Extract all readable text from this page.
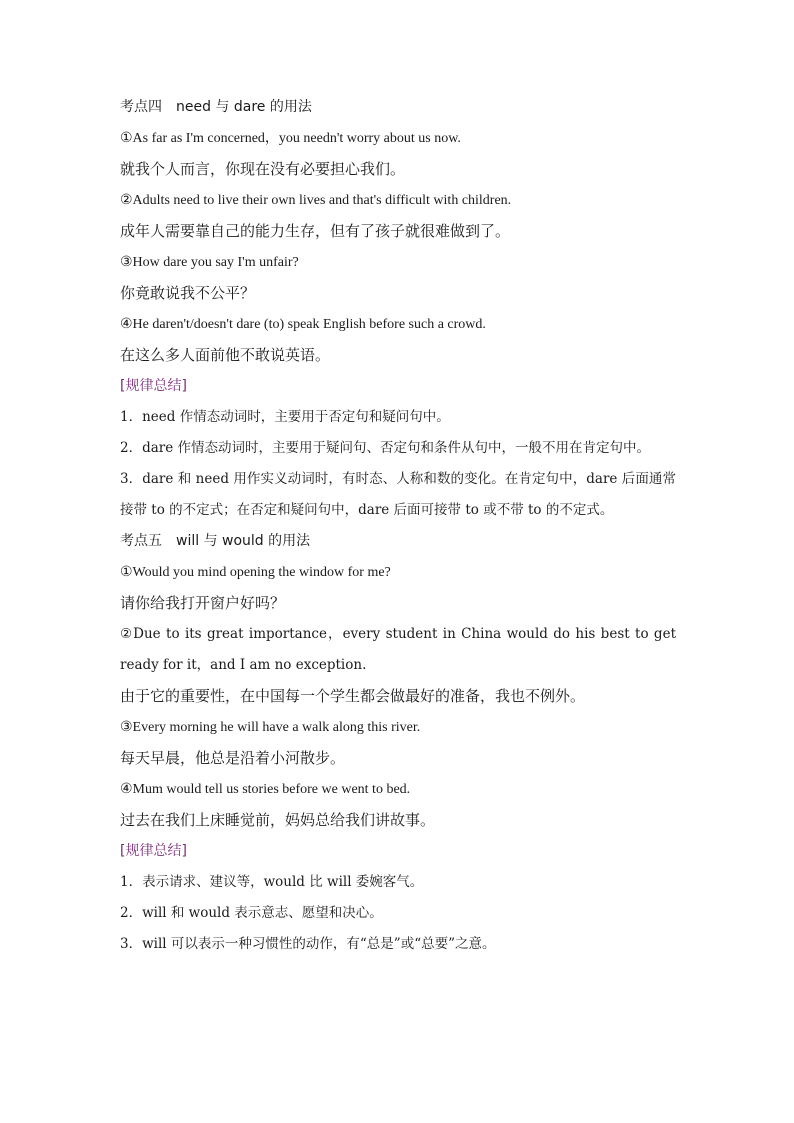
考点四　need 与 dare 的用法

①As far as I'm concerned，you needn't worry about us now.

就我个人而言，你现在没有必要担心我们。

②Adults need to live their own lives and that's difficult with children.

成年人需要靠自己的能力生存，但有了孩子就很难做到了。

③How dare you say I'm unfair?

你竟敢说我不公平？

④He daren't/doesn't dare (to) speak English before such a crowd.

在这么多人面前他不敢说英语。

[规律总结]

1．need 作情态动词时，主要用于否定句和疑问句中。

2．dare 作情态动词时，主要用于疑问句、否定句和条件从句中，一般不用在肯定句中。

3．dare 和 need 用作实义动词时，有时态、人称和数的变化。在肯定句中，dare 后面通常接带 to 的不定式；在否定和疑问句中，dare 后面可接带 to 或不带 to 的不定式。

考点五　will 与 would 的用法

①Would you mind opening the window for me?

请你给我打开窗户好吗？

②Due to its great importance，every student in China would do his best to get ready for it，and I am no exception.

由于它的重要性，在中国每一个学生都会做最好的准备，我也不例外。

③Every morning he will have a walk along this river.

每天早晨，他总是沿着小河散步。

④Mum would tell us stories before we went to bed.

过去在我们上床睡觉前，妈妈总给我们讲故事。

[规律总结]

1．表示请求、建议等，would 比 will 委婉客气。

2．will 和 would 表示意志、愿望和决心。

3．will 可以表示一种习惯性的动作，有“总是”或“总要”之意。
